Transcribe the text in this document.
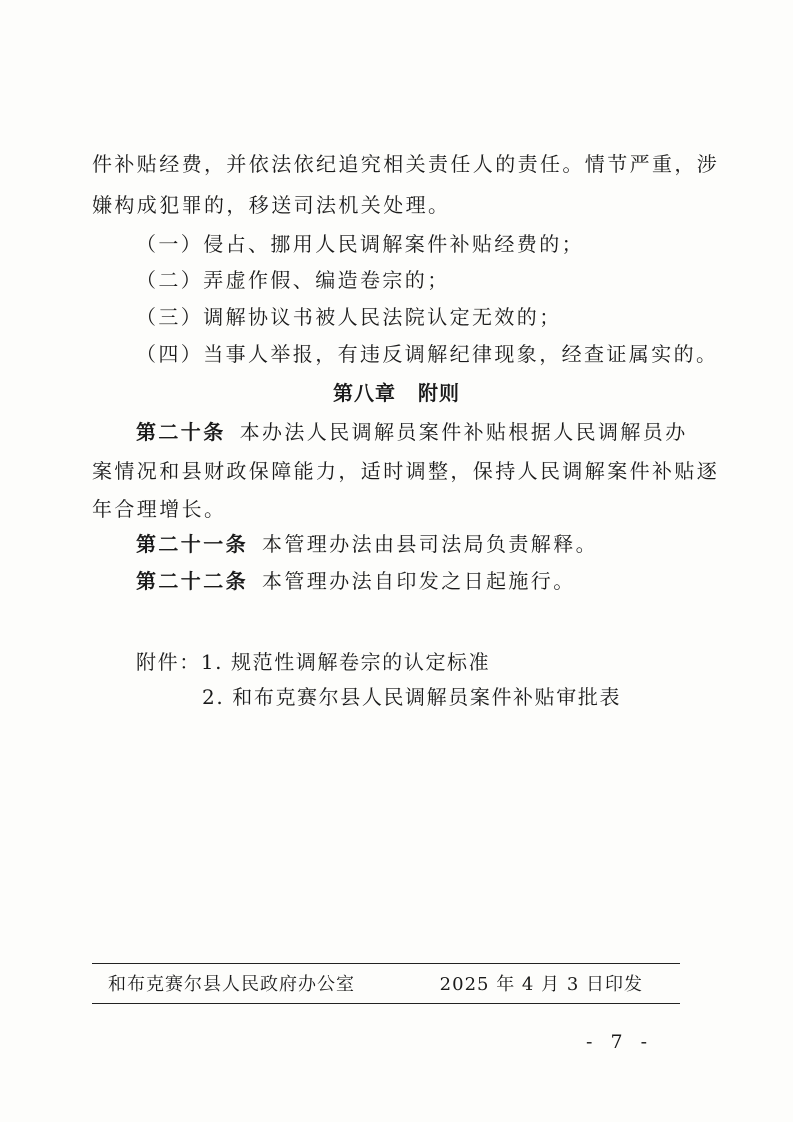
件补贴经费，并依法依纪追究相关责任人的责任。情节严重，涉
嫌构成犯罪的，移送司法机关处理。
（一）侵占、挪用人民调解案件补贴经费的；
（二）弄虚作假、编造卷宗的；
（三）调解协议书被人民法院认定无效的；
（四）当事人举报，有违反调解纪律现象，经查证属实的。
第八章 附则
第二十条 本办法人民调解员案件补贴根据人民调解员办
案情况和县财政保障能力，适时调整，保持人民调解案件补贴逐
年合理增长。
第二十一条 本管理办法由县司法局负责解释。
第二十二条 本管理办法自印发之日起施行。
附件：1. 规范性调解卷宗的认定标准
2. 和布克赛尔县人民调解员案件补贴审批表
和布克赛尔县人民政府办公室	2025 年 4 月 3 日印发
- 7 -
